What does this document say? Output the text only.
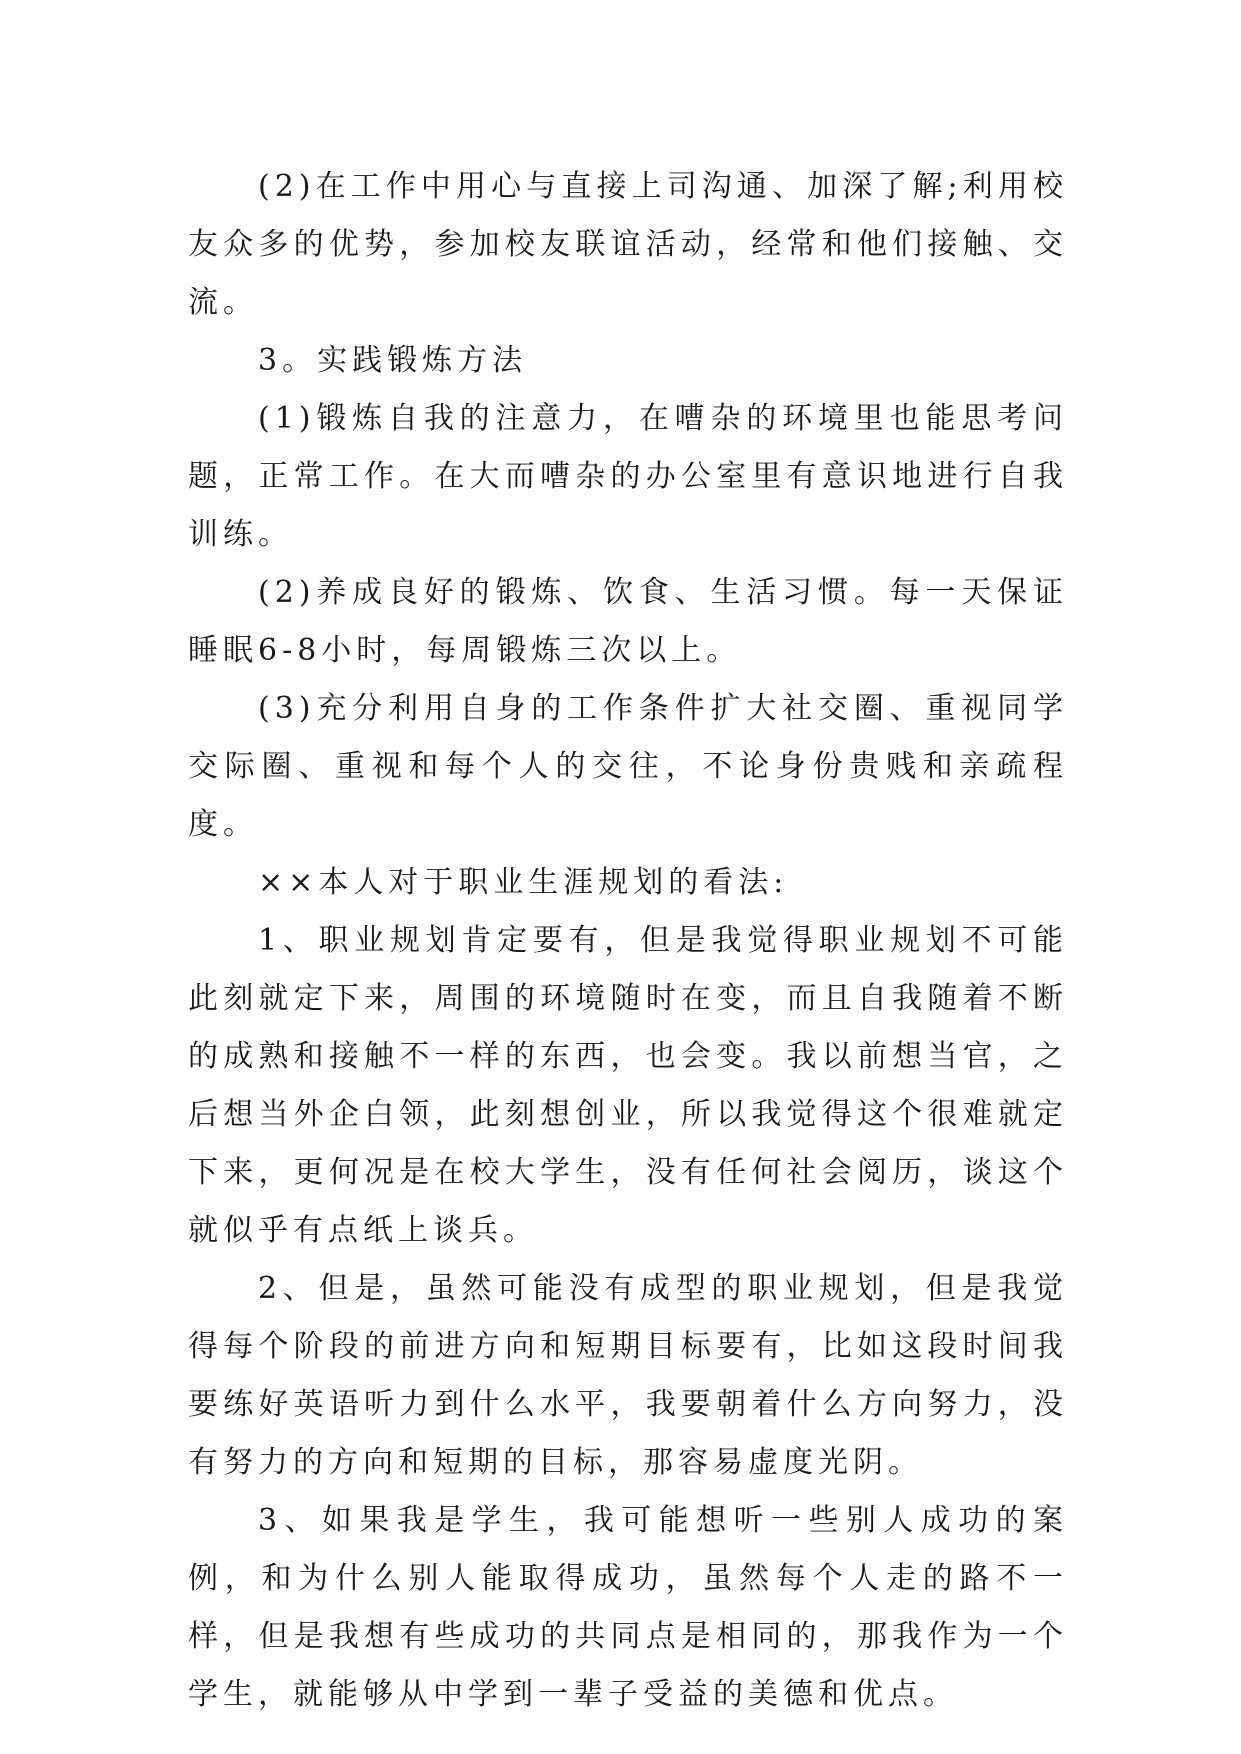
(2)在工作中用心与直接上司沟通、加深了解;利用校友众多的优势，参加校友联谊活动，经常和他们接触、交流。

3。实践锻炼方法

(1)锻炼自我的注意力，在嘈杂的环境里也能思考问题，正常工作。在大而嘈杂的办公室里有意识地进行自我训练。

(2)养成良好的锻炼、饮食、生活习惯。每一天保证睡眠6-8小时，每周锻炼三次以上。

(3)充分利用自身的工作条件扩大社交圈、重视同学交际圈、重视和每个人的交往，不论身份贵贱和亲疏程度。

××本人对于职业生涯规划的看法:

1、职业规划肯定要有，但是我觉得职业规划不可能此刻就定下来，周围的环境随时在变，而且自我随着不断的成熟和接触不一样的东西，也会变。我以前想当官，之后想当外企白领，此刻想创业，所以我觉得这个很难就定下来，更何况是在校大学生，没有任何社会阅历，谈这个就似乎有点纸上谈兵。

2、但是，虽然可能没有成型的职业规划，但是我觉得每个阶段的前进方向和短期目标要有，比如这段时间我要练好英语听力到什么水平，我要朝着什么方向努力，没有努力的方向和短期的目标，那容易虚度光阴。

3、如果我是学生，我可能想听一些别人成功的案例，和为什么别人能取得成功，虽然每个人走的路不一样，但是我想有些成功的共同点是相同的，那我作为一个学生，就能够从中学到一辈子受益的美德和优点。
